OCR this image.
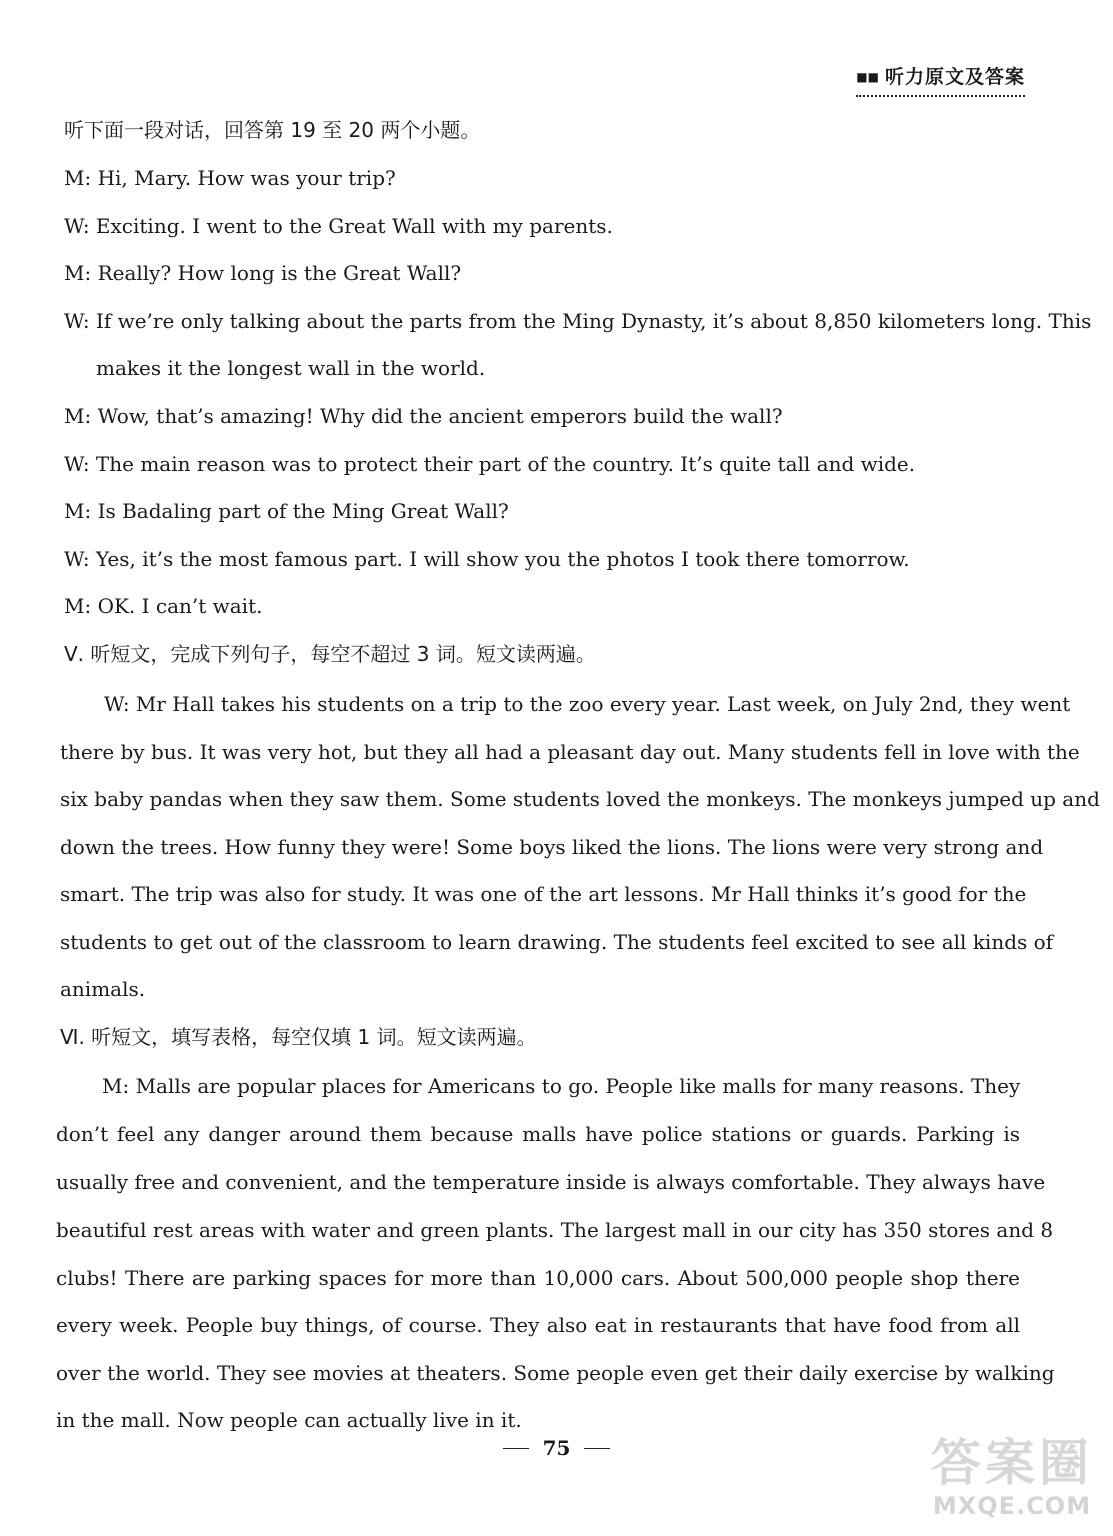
■■ 听力原文及答案
听下面一段对话，回答第 19 至 20 两个小题。
M: Hi, Mary. How was your trip?
W: Exciting. I went to the Great Wall with my parents.
M: Really? How long is the Great Wall?
W: If we’re only talking about the parts from the Ming Dynasty, it’s about 8,850 kilometers long. This
makes it the longest wall in the world.
M: Wow, that’s amazing! Why did the ancient emperors build the wall?
W: The main reason was to protect their part of the country. It’s quite tall and wide.
M: Is Badaling part of the Ming Great Wall?
W: Yes, it’s the most famous part. I will show you the photos I took there tomorrow.
M: OK. I can’t wait.
Ⅴ. 听短文，完成下列句子，每空不超过 3 词。短文读两遍。
W: Mr Hall takes his students on a trip to the zoo every year. Last week, on July 2nd, they went
there by bus. It was very hot, but they all had a pleasant day out. Many students fell in love with the
six baby pandas when they saw them. Some students loved the monkeys. The monkeys jumped up and
down the trees. How funny they were! Some boys liked the lions. The lions were very strong and
smart. The trip was also for study. It was one of the art lessons. Mr Hall thinks it’s good for the
students to get out of the classroom to learn drawing. The students feel excited to see all kinds of
animals.
Ⅵ. 听短文，填写表格，每空仅填 1 词。短文读两遍。
M: Malls are popular places for Americans to go. People like malls for many reasons. They
don’t feel any danger around them because malls have police stations or guards. Parking is
usually free and convenient, and the temperature inside is always comfortable. They always have
beautiful rest areas with water and green plants. The largest mall in our city has 350 stores and 8
clubs! There are parking spaces for more than 10,000 cars. About 500,000 people shop there
every week. People buy things, of course. They also eat in restaurants that have food from all
over the world. They see movies at theaters. Some people even get their daily exercise by walking
in the mall. Now people can actually live in it.
75	答案圈
MXQE.COM
